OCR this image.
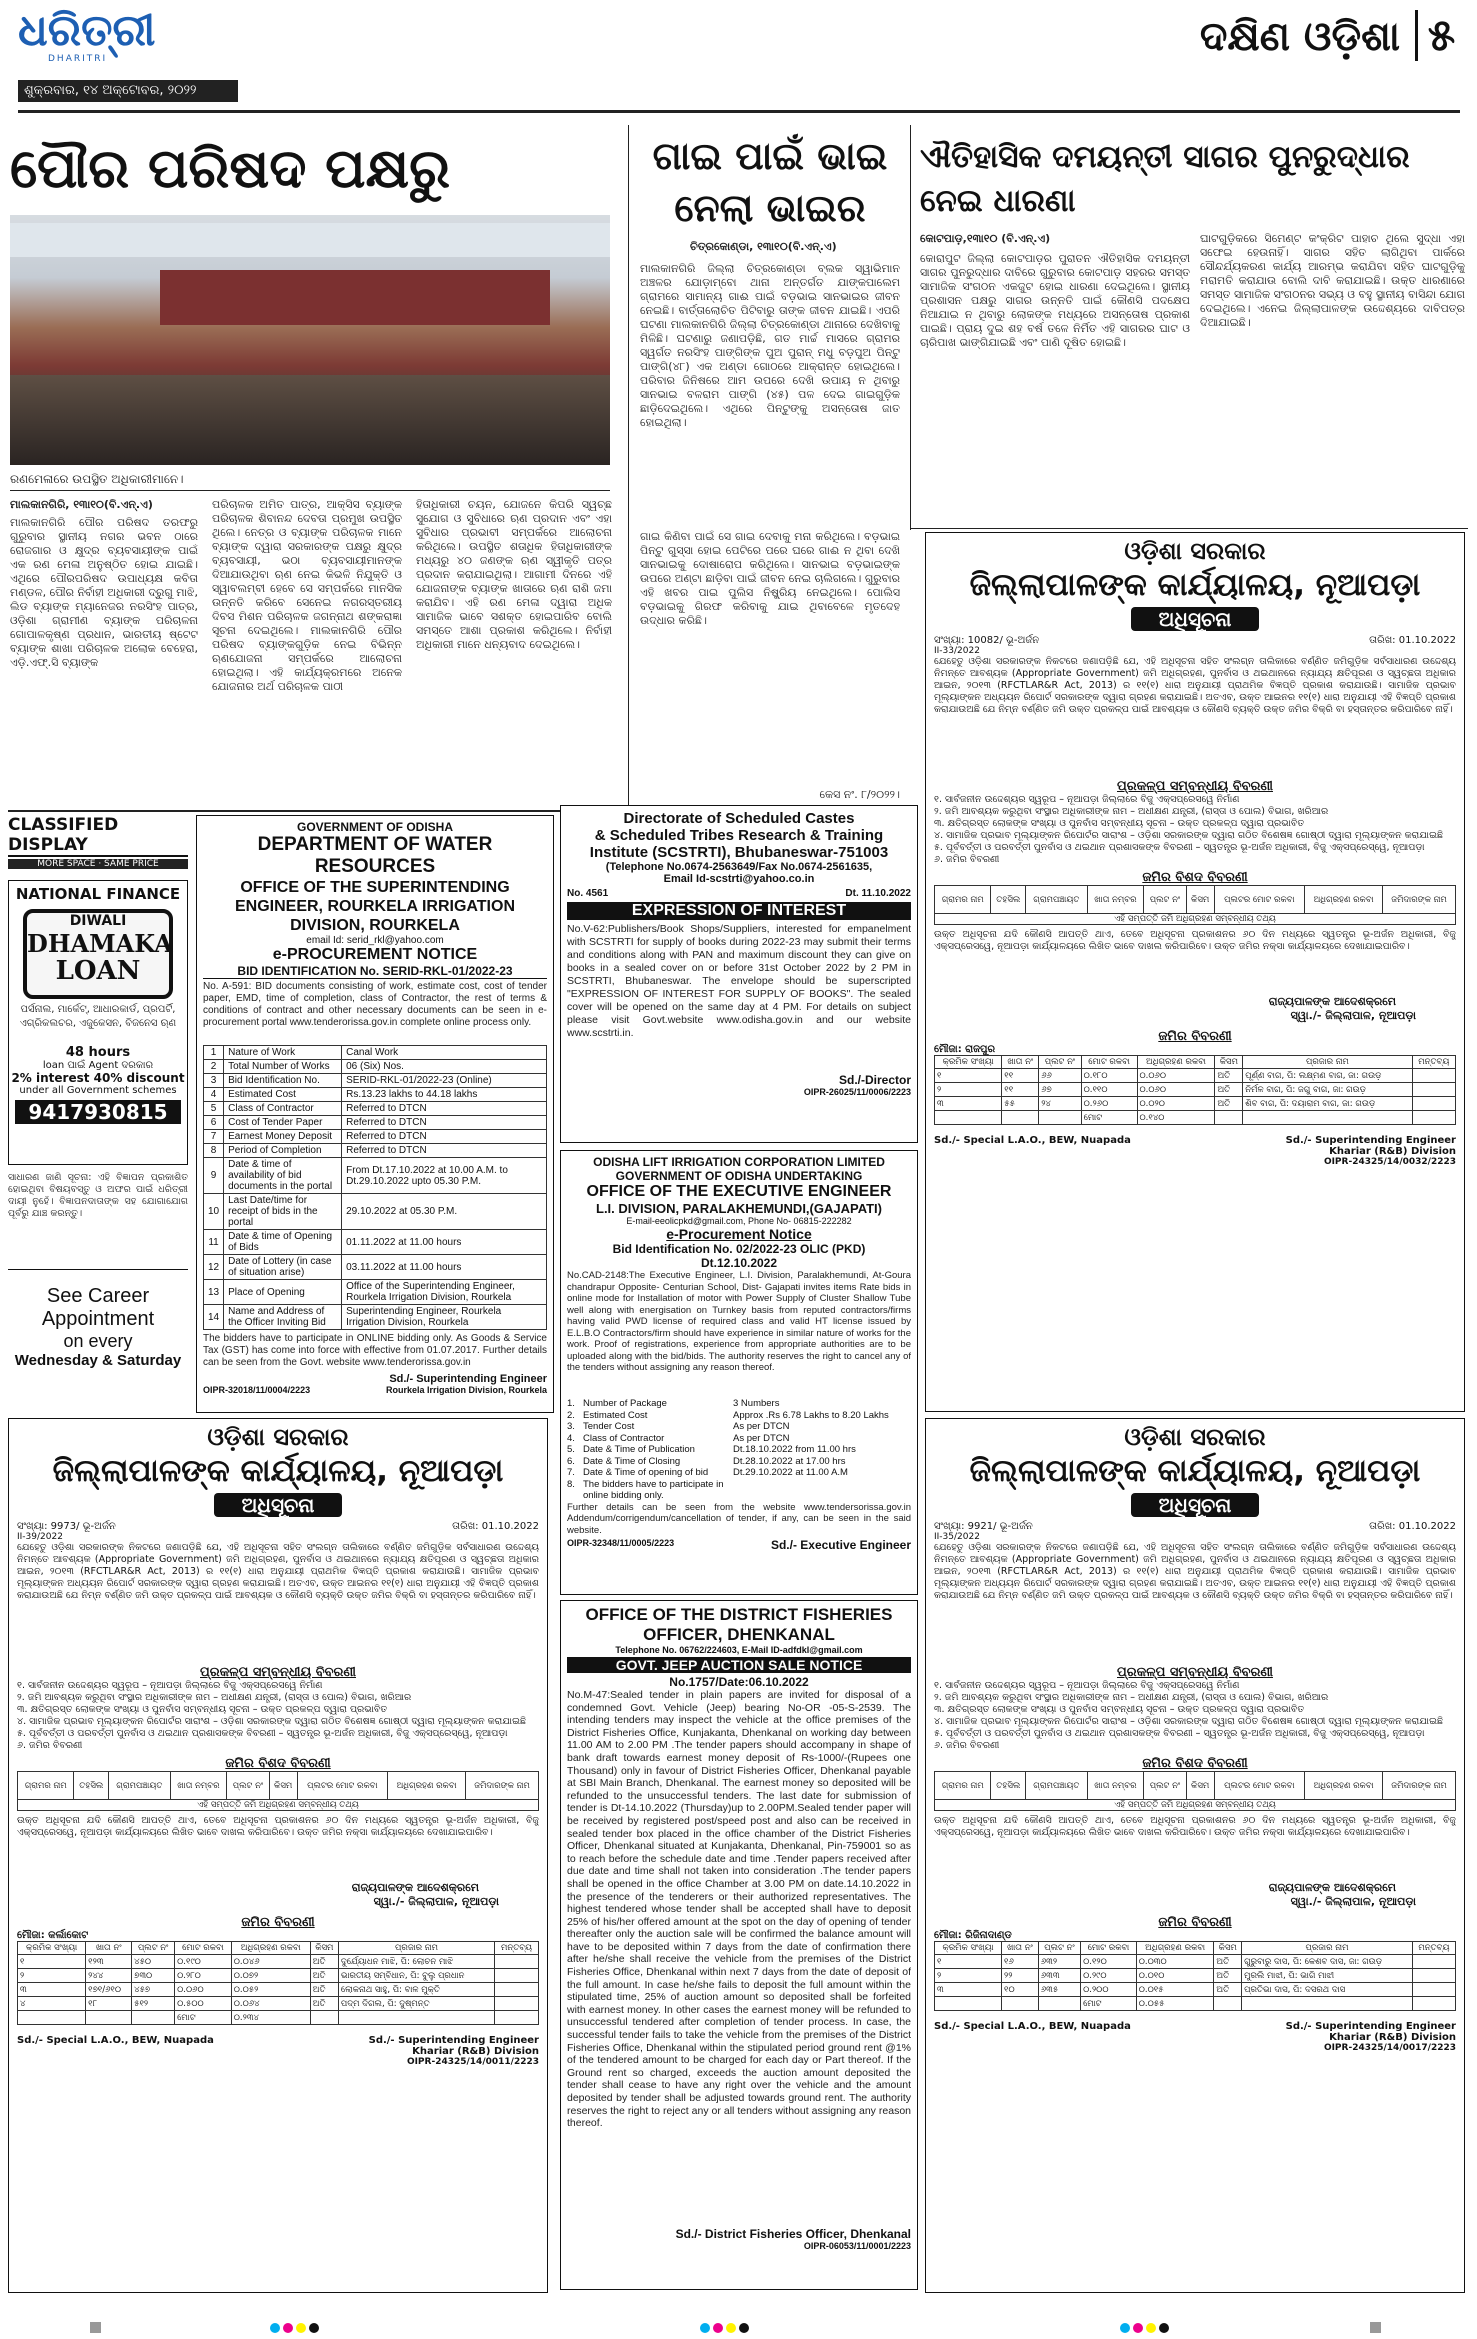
ଧରିତ୍ରୀ
DHARITRI
ଶୁକ୍ରବାର, ୧୪ ଅକ୍ଟୋବର, ୨୦୨୨
ଦକ୍ଷିଣ ଓଡ଼ିଶା ୫
ପୌର ପରିଷଦ ପକ୍ଷରୁ
ରଣମେଳାରେ ଉପସ୍ଥିତ ଅଧିକାରୀମାନେ।
ମାଲକାନଗିରି, ୧୩ା୧୦(ବି.ଏନ୍.ଏ)
ମାଲକାନଗିରି ପୌର ପରିଷଦ ତରଫରୁ ଗୁରୁବାର ସ୍ଥାନୀୟ ନଗର ଭବନ ଠାରେ ରୋଜଗାର ଓ କ୍ଷୁଦ୍ର ବ୍ୟବସାୟୀଙ୍କ ପାଇଁ ଏକ ରଣ ମେଳା ଅନୁଷ୍ଠିତ ହୋଇ ଯାଇଛି। ଏଥିରେ ପୌରପରିଷଦ ଉପାଧ୍ୟକ୍ଷ କବିତା ମଣ୍ଡଳ, ପୌର ନିର୍ବାହୀ ଅଧିକାରୀ ଦ୍ରୁଗୁ ମାଝି, ଲିଡ ବ୍ୟାଙ୍କ ମ୍ୟାନେଜର ନରସିଂହ ପାତ୍ର, ଓଡ଼ିଶା ଗ୍ରାମୀଣ ବ୍ୟାଙ୍କ ପରିଚାଳନା ଗୋପାଳକୃଷ୍ଣ ପ୍ରଧାନ, ଭାରତୀୟ ଷ୍ଟେଟ ବ୍ୟାଙ୍କ ଶାଖା ପରିଚାଳକ ଅଲୋକ ବେହେରା, ଏଡ଼ି.ଏଫ୍.ସି ବ୍ୟାଙ୍କ
ପରିଚାଳକ ଅମିତ ପାତ୍ର, ଆକ୍ସିସ ବ୍ୟାଙ୍କ ପରିଚାଳକ ଶିବାନନ୍ଦ ଦେବତା ପ୍ରମୁଖ ଉପସ୍ଥିତ ଥିଲେ। ନେତ୍ର ଓ ବ୍ୟାଙ୍କ ପରିଚାଳକ ମାନେ ବ୍ୟାଙ୍କ ଦ୍ୱାରା ସରକାରଙ୍କ ପକ୍ଷରୁ କ୍ଷୁଦ୍ର ବ୍ୟବସାୟୀ, ଭଠା ବ୍ୟବସାୟୀମାନଙ୍କ ଦିଆଯାଉଥିବା ଋଣ ନେଇ କିଭଳି ନିଯୁକ୍ତି ଓ ସ୍ୱାବଲମ୍ବୀ ହେବେ ସେ ସମ୍ପର୍କରେ ମାନସିକ ଉନ୍ନତି କରିବେ ସେନେଇ ନଗରସ୍ତରୀୟ ଦିବସ ମିଶନ ପରିଚାଳକ ଜଗନ୍ନାଥ ଶଙ୍କରାଜ୍ଞା ସୂଚନା ଦେଇଥିଲେ। ମାଲକାନଗିରି ପୌର ପରିଷଦ ବ୍ୟାଙ୍କଗୁଡ଼ିକ ନେଇ ବିଭିନ୍ନ ଋଣଯୋଜନା ସମ୍ପର୍କରେ ଆଲୋଚନା ହୋଇଥିଲା। ଏହି କାର୍ଯ୍ୟକ୍ରମରେ ଅନେକ ଯୋଜନାର ଅର୍ଥ ପରିଚାଳକ ପାଠୀ
ହିତାଧିକାରୀ ଚୟନ, ଯୋଜନେ କିପରି ସ୍ୱଚ୍ଛ ସୁଯୋଗ ଓ ସୁବିଧାରେ ଋଣ ପ୍ରଦାନ ଏବଂ ଏହା ସୁବିଧାର ପ୍ରଭାବୀ ସମ୍ପର୍କରେ ଆଲୋଚନା କରିଥିଲେ। ଉପସ୍ଥିତ ଶତାଧିକ ହିତାଧିକାରୀଙ୍କ ମଧ୍ୟରୁ ୪୦ ଜଣଙ୍କ ଋଣ ସ୍ୱୀକୃତି ପତ୍ର ପ୍ରଦାନ କରାଯାଇଥିଲା। ଆଗାମୀ ଦିନରେ ଏହି ଯୋଜନାଙ୍କ ବ୍ୟାଙ୍କ ଖାତାରେ ଋଣ ରାଶି ଜମା କରାଯିବ। ଏହି ରଣ ମେଳା ଦ୍ୱାରା ଅଧିକ ସାମାଜିକ ଭାବେ ସଶକ୍ତ ହୋଇପାରିବ ବୋଲି ସମସ୍ତେ ଆଶା ପ୍ରକାଶ କରିଥିଲେ। ନିର୍ବାହୀ ଅଧିକାରୀ ମାନେ ଧନ୍ୟବାଦ ଦେଇଥିଲେ।
ଗାଇ ପାଇଁ ଭାଇ ନେଲା ଭାଇର
ଚିତ୍ରକୋଣ୍ଡା, ୧୩ା୧୦(ବି.ଏନ୍.ଏ)
ମାଲକାନଗିରି ଜିଲ୍ଲା ଚିତ୍ରକୋଣ୍ଡା ବ୍ଲକ ସ୍ୱାଭିମାନ ଅଞ୍ଚଳର ଯୋଡ଼ାମ୍ବୋ ଥାନା ଅନ୍ତର୍ଗତ ଯାଙ୍କପାଲେମ ଗ୍ରାମରେ ସାମାନ୍ୟ ଗାଈ ପାଇଁ ବଡ଼ଭାଇ ସାନଭାଇର ଜୀବନ ନେଇଛି। ବାର୍ତ୍ତାଲୋଚିତ ପିଟିବାରୁ ତାଙ୍କ ଜୀବନ ଯାଇଛି। ଏପରି ଘଟଣା ମାଲକାନଗିରି ଜିଲ୍ଲା ଚିତ୍ରକୋଣ୍ଡା ଥାନାରେ ଦେଖିବାକୁ ମିଳିଛି। ଘଟଣାରୁ ଜଣାପଡ଼ିଛି, ଗତ ମାର୍ଚ୍ଚ ମାସରେ ଗ୍ରାମର ସ୍ୱର୍ଗତ ନରସିଂହ ପାଙ୍ଗିଙ୍କ ପୁଅ ପୁରାନ୍ ମଧୁ ବଡ଼ପୁଅ ପିନ୍ଟୁ ପାଙ୍ଗି(୪୮) ଏକ ଅଣ୍ଡା ଗୋଠରେ ଆକ୍ରାନ୍ତ ହୋଇଥିଲେ। ପରିବାର ଜିନିଷରେ ଆମ ଉପରେ ଦେଖି ଉପାୟ ନ ଥିବାରୁ ସାନଭାଇ ବଳରାମ ପାଙ୍ଗି (୪୫) ପଳ ଦେଇ ଗାଇଗୁଡ଼ିକ ଛାଡ଼ିଦେଇଥିଲେ। ଏଥିରେ ପିନ୍ଟୁଙ୍କୁ ଅସନ୍ତୋଷ ଜାତ ହୋଇଥିଲା।
ଗାଇ କିଣିବା ପାଇଁ ସେ ଗାଇ ଦେବାକୁ ମନା କରିଥିଲେ। ବଡ଼ଭାଇ ପିନ୍ଟୁ ଗୁସ୍ସା ହୋଇ ପେଟିରେ ପରେ ଘରେ ଗାଈ ନ ଥିବା ଦେଖି ସାନଭାଇକୁ ଦୋଷାରୋପ କରିଥିଲେ। ସାନଭାଇ ବଡ଼ଭାଇଙ୍କ ଉପରେ ଅଣ୍ଟା ଛାଡ଼ିବା ପାଇଁ ଜୀବନ ନେଇ ଚାଲିଗଲେ। ଗୁରୁବାର ଏହି ଖବର ପାଇ ପୁଲିସ ନିଷ୍କ୍ରିୟ ନେଇଥିଲେ। ପୋଲିସ ବଡ଼ଭାଇକୁ ଗିରଫ କରିବାକୁ ଯାଇ ଥିବାବେଳେ ମୃତଦେହ ଉଦ୍ଧାର କରିଛି।
କେସ ନଂ. ୮/୨୦୨୨।
ଐତିହାସିକ ଦମୟନ୍ତୀ ସାଗର ପୁନରୁଦ୍ଧାର ନେଇ ଧାରଣା
କୋଟପାଡ଼,୧୩ା୧୦ (ବି.ଏନ୍.ଏ)
କୋରାପୁଟ ଜିଲ୍ଲା କୋଟପାଡ଼ର ପୁରାତନ ଐତିହାସିକ ଦମୟନ୍ତୀ ସାଗର ପୁନରୁଦ୍ଧାର ଦାବିରେ ଗୁରୁବାର କୋଟପାଡ଼ ସହରର ସମସ୍ତ ସାମାଜିକ ସଂଗଠନ ଏକଜୁଟ ହୋଇ ଧାରଣା ଦେଇଥିଲେ। ସ୍ଥାନୀୟ ପ୍ରଶାସନ ପକ୍ଷରୁ ସାଗର ଉନ୍ନତି ପାଇଁ କୌଣସି ପଦକ୍ଷେପ ନିଆଯାଇ ନ ଥିବାରୁ ଲୋକଙ୍କ ମଧ୍ୟରେ ଅସନ୍ତୋଷ ପ୍ରକାଶ ପାଇଛି। ପ୍ରାୟ ଦୁଇ ଶହ ବର୍ଷ ତଳେ ନିର୍ମିତ ଏହି ସାଗରର ଘାଟ ଓ ଚାରିପାଖ ଭାଙ୍ଗିଯାଇଛି ଏବଂ ପାଣି ଦୂଷିତ ହୋଇଛି।
ଘାଟଗୁଡ଼ିକରେ ସିମେଣ୍ଟ କଂକ୍ରିଟ ପାହାଚ ଥିଲେ ସୁଦ୍ଧା ଏହା ସଫେଇ ହେଉନାହିଁ। ସାଗର ସହିତ ଲାଗିଥିବା ପାର୍କରେ ସୌନ୍ଦର୍ଯ୍ୟକରଣ କାର୍ଯ୍ୟ ଆରମ୍ଭ କରାଯିବା ସହିତ ଘାଟଗୁଡ଼ିକୁ ମରାମତି କରାଯାଉ ବୋଲି ଦାବି କରାଯାଇଛି। ଉକ୍ତ ଧାରଣାରେ ସମସ୍ତ ସାମାଜିକ ସଂଗଠନର ସଭ୍ୟ ଓ ବହୁ ସ୍ଥାନୀୟ ବାସିନ୍ଦା ଯୋଗ ଦେଇଥିଲେ। ଏନେଇ ଜିଲ୍ଲାପାଳଙ୍କ ଉଦ୍ଦେଶ୍ୟରେ ଦାବିପତ୍ର ଦିଆଯାଇଛି।
ଓଡ଼ିଶା ସରକାର
ଜିଲ୍ଲାପାଳଙ୍କ କାର୍ଯ୍ୟାଳୟ, ନୂଆପଡ଼ା
ଅଧିସୂଚନା
ସଂଖ୍ୟା: 10082/ ଭୂ-ଅର୍ଜନ	ତାରିଖ: 01.10.2022
II-33/2022
ଯେହେତୁ ଓଡ଼ିଶା ସରକାରଙ୍କ ନିକଟରେ ଜଣାପଡ଼ିଛି ଯେ, ଏହି ଅଧିସୂଚନା ସହିତ ସଂଲଗ୍ନ ତାଲିକାରେ ବର୍ଣ୍ଣିତ ଜମିଗୁଡ଼ିକ ସର୍ବସାଧାରଣ ଉଦ୍ଦେଶ୍ୟ ନିମନ୍ତେ ଆବଶ୍ୟକ (Appropriate Government) ଜମି ଅଧିଗ୍ରହଣ, ପୁନର୍ବାସ ଓ ଥଇଥାନରେ ନ୍ୟାଯ୍ୟ କ୍ଷତିପୂରଣ ଓ ସ୍ୱଚ୍ଛତା ଅଧିକାର ଆଇନ, ୨୦୧୩ (RFCTLAR&R Act, 2013) ର ୧୧(୧) ଧାରା ଅନୁଯାୟୀ ପ୍ରାଥମିକ ବିଜ୍ଞପ୍ତି ପ୍ରକାଶ କରାଯାଉଛି। ସାମାଜିକ ପ୍ରଭାବ ମୂଲ୍ୟାଙ୍କନ ଅଧ୍ୟୟନ ରିପୋର୍ଟ ସରକାରଙ୍କ ଦ୍ୱାରା ଗ୍ରହଣ କରାଯାଇଛି। ଅତଏବ, ଉକ୍ତ ଆଇନର ୧୧(୧) ଧାରା ଅନୁଯାୟୀ ଏହି ବିଜ୍ଞପ୍ତି ପ୍ରକାଶ କରାଯାଉଅଛି ଯେ ନିମ୍ନ ବର୍ଣ୍ଣିତ ଜମି ଉକ୍ତ ପ୍ରକଳ୍ପ ପାଇଁ ଆବଶ୍ୟକ ଓ କୌଣସି ବ୍ୟକ୍ତି ଉକ୍ତ ଜମିର ବିକ୍ରି ବା ହସ୍ତାନ୍ତର କରିପାରିବେ ନାହିଁ।
ପ୍ରକଳ୍ପ ସମ୍ବନ୍ଧୀୟ ବିବରଣୀ
୧. ସାର୍ବଜନୀନ ଉଦ୍ଦେଶ୍ୟର ସ୍ୱରୂପ – ନୂଆପଡ଼ା ଜିଲ୍ଲାରେ ବିଜୁ ଏକ୍ସପ୍ରେସୱେ ନିର୍ମାଣ
୨. ଜମି ଆବଶ୍ୟକ କରୁଥିବା ସଂସ୍ଥାର ଅଧିକାରୀଙ୍କ ନାମ – ଅଧୀକ୍ଷଣ ଯନ୍ତ୍ରୀ, (ରାସ୍ତା ଓ ପୋଲ) ବିଭାଗ, ଖରିଆର
୩. କ୍ଷତିଗ୍ରସ୍ତ ଲୋକଙ୍କ ସଂଖ୍ୟା ଓ ପୁନର୍ବାସ ସମ୍ବନ୍ଧୀୟ ସୂଚନା – ଉକ୍ତ ପ୍ରକଳ୍ପ ଦ୍ୱାରା ପ୍ରଭାବିତ
୪. ସାମାଜିକ ପ୍ରଭାବ ମୂଲ୍ୟାଙ୍କନ ରିପୋର୍ଟର ସାରାଂଶ – ଓଡ଼ିଶା ସରକାରଙ୍କ ଦ୍ୱାରା ଗଠିତ ବିଶେଷଜ୍ଞ ଗୋଷ୍ଠୀ ଦ୍ୱାରା ମୂଲ୍ୟାଙ୍କନ କରାଯାଇଛି
୫. ପୂର୍ବବର୍ତ୍ତୀ ଓ ପରବର୍ତ୍ତୀ ପୁନର୍ବାସ ଓ ଥଇଥାନ ପ୍ରଶାସକଙ୍କ ବିବରଣୀ – ସ୍ୱତନ୍ତ୍ର ଭୂ-ଅର୍ଜନ ଅଧିକାରୀ, ବିଜୁ ଏକ୍ସପ୍ରେସ୍ୱେ, ନୂଆପଡ଼ା
୬. ଜମିର ବିବରଣୀ
ଜମିର ବିଶଦ ବିବରଣୀ
ଗ୍ରାମର ନାମ	ତହସିଲ	ଗ୍ରାମପଞ୍ଚାୟତ	ଖାତା ନମ୍ବର	ପ୍ଲଟ ନଂ	କିସମ	ପ୍ଲଟର ମୋଟ ରକବା	ଅଧିଗ୍ରହଣ ରକବା	ଜମିଦାରଙ୍କ ନାମ
ଏହି ସମ୍ପତ୍ତି ଜମି ଅଧିଗ୍ରହଣ ସମ୍ବନ୍ଧୀୟ ତଥ୍ୟ
ଉକ୍ତ ଅଧିସୂଚନା ଯଦି କୌଣସି ଆପତ୍ତି ଥାଏ, ତେବେ ଅଧିସୂଚନା ପ୍ରକାଶନର ୬୦ ଦିନ ମଧ୍ୟରେ ସ୍ୱତନ୍ତ୍ର ଭୂ-ଅର୍ଜନ ଅଧିକାରୀ, ବିଜୁ ଏକ୍ସପ୍ରେସୱେ, ନୂଆପଡ଼ା କାର୍ଯ୍ୟାଳୟରେ ଲିଖିତ ଭାବେ ଦାଖଲ କରିପାରିବେ। ଉକ୍ତ ଜମିର ନକ୍ସା କାର୍ଯ୍ୟାଳୟରେ ଦେଖାଯାଇପାରିବ।
ରାଜ୍ୟପାଳଙ୍କ ଆଦେଶକ୍ରମେ
ସ୍ୱା./- ଜିଲ୍ଲାପାଳ, ନୂଆପଡ଼ା
ଜମିର ବିବରଣୀ
ମୌଜା: ରାଜପୁର
କ୍ରମିକ ସଂଖ୍ୟା	ଖାତା ନଂ	ପ୍ଲଟ ନଂ	ମୋଟ ରକବା	ଅଧିଗ୍ରହଣ ରକବା	କିସମ	ପ୍ରଜାର ନାମ	ମନ୍ତବ୍ୟ
୧	୧୧	୬୬	୦.୧୮୦	୦.୦୬୦	ଅତି	ପୂର୍ଣ୍ଣ ବାଗ, ପି: ଲକ୍ଷ୍ମଣ ବାଗ, ଜା: ଗଉଡ଼	
୨	୧୧	୬୭	୦.୧୧୦	୦.୦୬୦	ଅତି	ନିର୍ମଳ ବାଗ, ପି: ଜଗୁ ବାଗ, ଜା: ଗଉଡ଼	
୩	୫୫	୨୪	୦.୨୬୦	୦.୦୨୦	ଅତି	ଶିବ ବାଗ, ପି: ଦୟାରାମ ବାଗ, ଜା: ଗଉଡ଼	
			ମୋଟ	୦.୧୪୦			
Sd./- Special L.A.O., BEW, Nuapada	Sd./- Superintending Engineer
Khariar (R&B) Division
OIPR-24325/14/0032/2223
ଓଡ଼ିଶା ସରକାର
ଜିଲ୍ଲାପାଳଙ୍କ କାର୍ଯ୍ୟାଳୟ, ନୂଆପଡ଼ା
ଅଧିସୂଚନା
ସଂଖ୍ୟା: 9973/ ଭୂ-ଅର୍ଜନ	ତାରିଖ: 01.10.2022
II-39/2022
ଯେହେତୁ ଓଡ଼ିଶା ସରକାରଙ୍କ ନିକଟରେ ଜଣାପଡ଼ିଛି ଯେ, ଏହି ଅଧିସୂଚନା ସହିତ ସଂଲଗ୍ନ ତାଲିକାରେ ବର୍ଣ୍ଣିତ ଜମିଗୁଡ଼ିକ ସର୍ବସାଧାରଣ ଉଦ୍ଦେଶ୍ୟ ନିମନ୍ତେ ଆବଶ୍ୟକ (Appropriate Government) ଜମି ଅଧିଗ୍ରହଣ, ପୁନର୍ବାସ ଓ ଥଇଥାନରେ ନ୍ୟାଯ୍ୟ କ୍ଷତିପୂରଣ ଓ ସ୍ୱଚ୍ଛତା ଅଧିକାର ଆଇନ, ୨୦୧୩ (RFCTLAR&R Act, 2013) ର ୧୧(୧) ଧାରା ଅନୁଯାୟୀ ପ୍ରାଥମିକ ବିଜ୍ଞପ୍ତି ପ୍ରକାଶ କରାଯାଉଛି। ସାମାଜିକ ପ୍ରଭାବ ମୂଲ୍ୟାଙ୍କନ ଅଧ୍ୟୟନ ରିପୋର୍ଟ ସରକାରଙ୍କ ଦ୍ୱାରା ଗ୍ରହଣ କରାଯାଇଛି। ଅତଏବ, ଉକ୍ତ ଆଇନର ୧୧(୧) ଧାରା ଅନୁଯାୟୀ ଏହି ବିଜ୍ଞପ୍ତି ପ୍ରକାଶ କରାଯାଉଅଛି ଯେ ନିମ୍ନ ବର୍ଣ୍ଣିତ ଜମି ଉକ୍ତ ପ୍ରକଳ୍ପ ପାଇଁ ଆବଶ୍ୟକ ଓ କୌଣସି ବ୍ୟକ୍ତି ଉକ୍ତ ଜମିର ବିକ୍ରି ବା ହସ୍ତାନ୍ତର କରିପାରିବେ ନାହିଁ।
ପ୍ରକଳ୍ପ ସମ୍ବନ୍ଧୀୟ ବିବରଣୀ
୧. ସାର୍ବଜନୀନ ଉଦ୍ଦେଶ୍ୟର ସ୍ୱରୂପ – ନୂଆପଡ଼ା ଜିଲ୍ଲାରେ ବିଜୁ ଏକ୍ସପ୍ରେସୱେ ନିର୍ମାଣ
୨. ଜମି ଆବଶ୍ୟକ କରୁଥିବା ସଂସ୍ଥାର ଅଧିକାରୀଙ୍କ ନାମ – ଅଧୀକ୍ଷଣ ଯନ୍ତ୍ରୀ, (ରାସ୍ତା ଓ ପୋଲ) ବିଭାଗ, ଖରିଆର
୩. କ୍ଷତିଗ୍ରସ୍ତ ଲୋକଙ୍କ ସଂଖ୍ୟା ଓ ପୁନର୍ବାସ ସମ୍ବନ୍ଧୀୟ ସୂଚନା – ଉକ୍ତ ପ୍ରକଳ୍ପ ଦ୍ୱାରା ପ୍ରଭାବିତ
୪. ସାମାଜିକ ପ୍ରଭାବ ମୂଲ୍ୟାଙ୍କନ ରିପୋର୍ଟର ସାରାଂଶ – ଓଡ଼ିଶା ସରକାରଙ୍କ ଦ୍ୱାରା ଗଠିତ ବିଶେଷଜ୍ଞ ଗୋଷ୍ଠୀ ଦ୍ୱାରା ମୂଲ୍ୟାଙ୍କନ କରାଯାଇଛି
୫. ପୂର୍ବବର୍ତ୍ତୀ ଓ ପରବର୍ତ୍ତୀ ପୁନର୍ବାସ ଓ ଥଇଥାନ ପ୍ରଶାସକଙ୍କ ବିବରଣୀ – ସ୍ୱତନ୍ତ୍ର ଭୂ-ଅର୍ଜନ ଅଧିକାରୀ, ବିଜୁ ଏକ୍ସପ୍ରେସ୍ୱେ, ନୂଆପଡ଼ା
୬. ଜମିର ବିବରଣୀ
ଜମିର ବିଶଦ ବିବରଣୀ
ଗ୍ରାମର ନାମ	ତହସିଲ	ଗ୍ରାମପଞ୍ଚାୟତ	ଖାତା ନମ୍ବର	ପ୍ଲଟ ନଂ	କିସମ	ପ୍ଲଟର ମୋଟ ରକବା	ଅଧିଗ୍ରହଣ ରକବା	ଜମିଦାରଙ୍କ ନାମ
ଏହି ସମ୍ପତ୍ତି ଜମି ଅଧିଗ୍ରହଣ ସମ୍ବନ୍ଧୀୟ ତଥ୍ୟ
ଉକ୍ତ ଅଧିସୂଚନା ଯଦି କୌଣସି ଆପତ୍ତି ଥାଏ, ତେବେ ଅଧିସୂଚନା ପ୍ରକାଶନର ୬୦ ଦିନ ମଧ୍ୟରେ ସ୍ୱତନ୍ତ୍ର ଭୂ-ଅର୍ଜନ ଅଧିକାରୀ, ବିଜୁ ଏକ୍ସପ୍ରେସୱେ, ନୂଆପଡ଼ା କାର୍ଯ୍ୟାଳୟରେ ଲିଖିତ ଭାବେ ଦାଖଲ କରିପାରିବେ। ଉକ୍ତ ଜମିର ନକ୍ସା କାର୍ଯ୍ୟାଳୟରେ ଦେଖାଯାଇପାରିବ।
ରାଜ୍ୟପାଳଙ୍କ ଆଦେଶକ୍ରମେ
ସ୍ୱା./- ଜିଲ୍ଲାପାଳ, ନୂଆପଡ଼ା
ଜମିର ବିବରଣୀ
ମୌଜା: କର୍ଲାକୋଟ
କ୍ରମିକ ସଂଖ୍ୟା	ଖାତା ନଂ	ପ୍ଲଟ ନଂ	ମୋଟ ରକବା	ଅଧିଗ୍ରହଣ ରକବା	କିସମ	ପ୍ରଜାର ନାମ	ମନ୍ତବ୍ୟ
୧	୧୨୩	୪୫୦	୦.୧୯୦	୦.୦୪୬	ଅତି	ଦୁର୍ଯ୍ୟୋଧନ ମାଝି, ପି: ଲୋଚନ ମାଝି	
୨	୨୪୪	୭୩୦	୦.୨୮୦	୦.୦୭୨	ଅତି	ଭାରତୀୟ ସମ୍ବିଧାନ, ପି: ବୁଲୁ ପ୍ରଧାନ	
୩	୧୭୧/୬୧୦	୪୫୭	୦.୦୬୦	୦.୦୫୨	ଅତି	ଲୋକନାଥ ସାହୁ, ପି: ବାଳ ମୁକ୍ତି	
୪	୧୮	୫୧୨	୦.୫୦୦	୦.୦୬୪	ଅତି	ପଦ୍ମ ଦିଗଲ, ପି: ଦୁଷ୍ମନ୍ତ	
			ମୋଟ	୦.୨୩୪			
Sd./- Special L.A.O., BEW, Nuapada	Sd./- Superintending Engineer
Khariar (R&B) Division
OIPR-24325/14/0011/2223
ଓଡ଼ିଶା ସରକାର
ଜିଲ୍ଲାପାଳଙ୍କ କାର୍ଯ୍ୟାଳୟ, ନୂଆପଡ଼ା
ଅଧିସୂଚନା
ସଂଖ୍ୟା: 9921/ ଭୂ-ଅର୍ଜନ	ତାରିଖ: 01.10.2022
II-35/2022
ଯେହେତୁ ଓଡ଼ିଶା ସରକାରଙ୍କ ନିକଟରେ ଜଣାପଡ଼ିଛି ଯେ, ଏହି ଅଧିସୂଚନା ସହିତ ସଂଲଗ୍ନ ତାଲିକାରେ ବର୍ଣ୍ଣିତ ଜମିଗୁଡ଼ିକ ସର୍ବସାଧାରଣ ଉଦ୍ଦେଶ୍ୟ ନିମନ୍ତେ ଆବଶ୍ୟକ (Appropriate Government) ଜମି ଅଧିଗ୍ରହଣ, ପୁନର୍ବାସ ଓ ଥଇଥାନରେ ନ୍ୟାଯ୍ୟ କ୍ଷତିପୂରଣ ଓ ସ୍ୱଚ୍ଛତା ଅଧିକାର ଆଇନ, ୨୦୧୩ (RFCTLAR&R Act, 2013) ର ୧୧(୧) ଧାରା ଅନୁଯାୟୀ ପ୍ରାଥମିକ ବିଜ୍ଞପ୍ତି ପ୍ରକାଶ କରାଯାଉଛି। ସାମାଜିକ ପ୍ରଭାବ ମୂଲ୍ୟାଙ୍କନ ଅଧ୍ୟୟନ ରିପୋର୍ଟ ସରକାରଙ୍କ ଦ୍ୱାରା ଗ୍ରହଣ କରାଯାଇଛି। ଅତଏବ, ଉକ୍ତ ଆଇନର ୧୧(୧) ଧାରା ଅନୁଯାୟୀ ଏହି ବିଜ୍ଞପ୍ତି ପ୍ରକାଶ କରାଯାଉଅଛି ଯେ ନିମ୍ନ ବର୍ଣ୍ଣିତ ଜମି ଉକ୍ତ ପ୍ରକଳ୍ପ ପାଇଁ ଆବଶ୍ୟକ ଓ କୌଣସି ବ୍ୟକ୍ତି ଉକ୍ତ ଜମିର ବିକ୍ରି ବା ହସ୍ତାନ୍ତର କରିପାରିବେ ନାହିଁ।
ପ୍ରକଳ୍ପ ସମ୍ବନ୍ଧୀୟ ବିବରଣୀ
୧. ସାର୍ବଜନୀନ ଉଦ୍ଦେଶ୍ୟର ସ୍ୱରୂପ – ନୂଆପଡ଼ା ଜିଲ୍ଲାରେ ବିଜୁ ଏକ୍ସପ୍ରେସୱେ ନିର୍ମାଣ
୨. ଜମି ଆବଶ୍ୟକ କରୁଥିବା ସଂସ୍ଥାର ଅଧିକାରୀଙ୍କ ନାମ – ଅଧୀକ୍ଷଣ ଯନ୍ତ୍ରୀ, (ରାସ୍ତା ଓ ପୋଲ) ବିଭାଗ, ଖରିଆର
୩. କ୍ଷତିଗ୍ରସ୍ତ ଲୋକଙ୍କ ସଂଖ୍ୟା ଓ ପୁନର୍ବାସ ସମ୍ବନ୍ଧୀୟ ସୂଚନା – ଉକ୍ତ ପ୍ରକଳ୍ପ ଦ୍ୱାରା ପ୍ରଭାବିତ
୪. ସାମାଜିକ ପ୍ରଭାବ ମୂଲ୍ୟାଙ୍କନ ରିପୋର୍ଟର ସାରାଂଶ – ଓଡ଼ିଶା ସରକାରଙ୍କ ଦ୍ୱାରା ଗଠିତ ବିଶେଷଜ୍ଞ ଗୋଷ୍ଠୀ ଦ୍ୱାରା ମୂଲ୍ୟାଙ୍କନ କରାଯାଇଛି
୫. ପୂର୍ବବର୍ତ୍ତୀ ଓ ପରବର୍ତ୍ତୀ ପୁନର୍ବାସ ଓ ଥଇଥାନ ପ୍ରଶାସକଙ୍କ ବିବରଣୀ – ସ୍ୱତନ୍ତ୍ର ଭୂ-ଅର୍ଜନ ଅଧିକାରୀ, ବିଜୁ ଏକ୍ସପ୍ରେସ୍ୱେ, ନୂଆପଡ଼ା
୬. ଜମିର ବିବରଣୀ
ଜମିର ବିଶଦ ବିବରଣୀ
ଗ୍ରାମର ନାମ	ତହସିଲ	ଗ୍ରାମପଞ୍ଚାୟତ	ଖାତା ନମ୍ବର	ପ୍ଲଟ ନଂ	କିସମ	ପ୍ଲଟର ମୋଟ ରକବା	ଅଧିଗ୍ରହଣ ରକବା	ଜମିଦାରଙ୍କ ନାମ
ଏହି ସମ୍ପତ୍ତି ଜମି ଅଧିଗ୍ରହଣ ସମ୍ବନ୍ଧୀୟ ତଥ୍ୟ
ଉକ୍ତ ଅଧିସୂଚନା ଯଦି କୌଣସି ଆପତ୍ତି ଥାଏ, ତେବେ ଅଧିସୂଚନା ପ୍ରକାଶନର ୬୦ ଦିନ ମଧ୍ୟରେ ସ୍ୱତନ୍ତ୍ର ଭୂ-ଅର୍ଜନ ଅଧିକାରୀ, ବିଜୁ ଏକ୍ସପ୍ରେସୱେ, ନୂଆପଡ଼ା କାର୍ଯ୍ୟାଳୟରେ ଲିଖିତ ଭାବେ ଦାଖଲ କରିପାରିବେ। ଉକ୍ତ ଜମିର ନକ୍ସା କାର୍ଯ୍ୟାଳୟରେ ଦେଖାଯାଇପାରିବ।
ରାଜ୍ୟପାଳଙ୍କ ଆଦେଶକ୍ରମେ
ସ୍ୱା./- ଜିଲ୍ଲାପାଳ, ନୂଆପଡ଼ା
ଜମିର ବିବରଣୀ
ମୌଜା: ରିଜିନାଦାଣ୍ଡ
କ୍ରମିକ ସଂଖ୍ୟା	ଖାତା ନଂ	ପ୍ଲଟ ନଂ	ମୋଟ ରକବା	ଅଧିଗ୍ରହଣ ରକବା	କିସମ	ପ୍ରଜାର ନାମ	ମନ୍ତବ୍ୟ
୧	୧୬	୬୩୨	୦.୧୨୦	୦.୦୩୦	ଅତି	ଗୁରୁବାରୁ ଦାସ, ପି: କେଶବ ଦାସ, ଜା: ଗଉଡ଼	
୨	୨୨	୬୩୩	୦.୨୯୦	୦.୦୧୦	ଅତି	ମୁରଲି ମାଝୀ, ପି: ଭାଗି ମାଝୀ	
୩	୧୦	୬୩୫	୦.୨୦୦	୦.୦୧୫	ଅତି	ପ୍ରତିଭା ଦାସ, ପି: ଦସରଥ ଦାସ	
			ମୋଟ	୦.୦୫୫			
Sd./- Special L.A.O., BEW, Nuapada	Sd./- Superintending Engineer
Khariar (R&B) Division
OIPR-24325/14/0017/2223
CLASSIFIED DISPLAY
MORE SPACE · SAME PRICE
NATIONAL FINANCE
DIWALI
DHAMAKA
LOAN
ପର୍ସନାଲ, ମାର୍କେଟ୍, ଆଧାରକାର୍ଡ, ପ୍ରପର୍ଟି, ଏଗ୍ରିକଲଚର, ଏଜୁକେସନ, ବିଜନେସ ଋଣ
48 hours
loan ପାଇଁ Agent ଦରକାର
2% interest 40% discount
under all Government schemes
9417930815
ସାଧାରଣ ଜାଣି ସୂଚନା: ଏହି ବିଜ୍ଞାପନ ପ୍ରକାଶିତ ହୋଇଥିବା ବିଷୟବସ୍ତୁ ଓ ଅଫର ପାଇଁ ଧରିତ୍ରୀ ଦାୟୀ ନୁହେଁ। ବିଜ୍ଞାପନଦାତାଙ୍କ ସହ ଯୋଗାଯୋଗ ପୂର୍ବରୁ ଯାଞ୍ଚ କରନ୍ତୁ।
See Career
Appointment
on every
Wednesday & Saturday
GOVERNMENT OF ODISHA
DEPARTMENT OF WATER RESOURCES
OFFICE OF THE SUPERINTENDING ENGINEER, ROURKELA IRRIGATION DIVISION, ROURKELA
email Id: serid_rkl@yahoo.com
e-PROCUREMENT NOTICE
BID IDENTIFICATION No. SERID-RKL-01/2022-23
No. A-591: BID documents consisting of work, estimate cost, cost of tender paper, EMD, time of completion, class of Contractor, the rest of terms & conditions of contract and other necessary documents can be seen in e-procurement portal www.tenderorissa.gov.in complete online process only.
1	Nature of Work	Canal Work
2	Total Number of Works	06 (Six) Nos.
3	Bid Identification No.	SERID-RKL-01/2022-23 (Online)
4	Estimated Cost	Rs.13.23 lakhs to 44.18 lakhs
5	Class of Contractor	Referred to DTCN
6	Cost of Tender Paper	Referred to DTCN
7	Earnest Money Deposit	Referred to DTCN
8	Period of Completion	Referred to DTCN
9	Date & time of availability of bid documents in the portal	From Dt.17.10.2022 at 10.00 A.M. to Dt.29.10.2022 upto 05.30 P.M.
10	Last Date/time for receipt of bids in the portal	29.10.2022 at 05.30 P.M.
11	Date & time of Opening of Bids	01.11.2022 at 11.00 hours
12	Date of Lottery (in case of situation arise)	03.11.2022 at 11.00 hours
13	Place of Opening	Office of the Superintending Engineer, Rourkela Irrigation Division, Rourkela
14	Name and Address of the Officer Inviting Bid	Superintending Engineer, Rourkela Irrigation Division, Rourkela
The bidders have to participate in ONLINE bidding only. As Goods & Service Tax (GST) has come into force with effective from 01.07.2017. Further details can be seen from the Govt. website www.tenderorissa.gov.in
Sd./- Superintending Engineer
OIPR-32018/11/0004/2223	Rourkela Irrigation Division, Rourkela
Directorate of Scheduled Castes
& Scheduled Tribes Research & Training
Institute (SCSTRTI), Bhubaneswar-751003
(Telephone No.0674-2563649/Fax No.0674-2561635,
Email Id-scstrti@yahoo.co.in
No. 4561	Dt. 11.10.2022
EXPRESSION OF INTEREST
No.V-62:Publishers/Book Shops/Suppliers, interested for empanelment with SCSTRTI for supply of books during 2022-23 may submit their terms and conditions along with PAN and maximum discount they can give on books in a sealed cover on or before 31st October 2022 by 2 PM in SCSTRTI, Bhubaneswar. The envelope should be superscripted "EXPRESSION OF INTEREST FOR SUPPLY OF BOOKS". The sealed cover will be opened on the same day at 4 PM. For details on subject please visit Govt.website www.odisha.gov.in and our website www.scstrti.in.
Sd./-Director
OIPR-26025/11/0006/2223
ODISHA LIFT IRRIGATION CORPORATION LIMITED
GOVERNMENT OF ODISHA UNDERTAKING
OFFICE OF THE EXECUTIVE ENGINEER
L.I. DIVISION, PARALAKHEMUNDI,(GAJAPATI)
E-mail-eeolicpkd@gmail.com, Phone No- 06815-222282
e-Procurement Notice
Bid Identification No. 02/2022-23 OLIC (PKD)
Dt.12.10.2022
No.CAD-2148:The Executive Engineer, L.I. Division, Paralakhemundi, At-Goura chandrapur Opposite- Centurian School, Dist- Gajapati invites items Rate bids in online mode for Installation of motor with Power Supply of Cluster Shallow Tube well along with energisation on Turnkey basis from reputed contractors/firms having valid PWD license of required class and valid HT license issued by E.L.B.O Contractors/firm should have experience in similar nature of works for the work. Proof of registrations, experience from appropriate authorities are to be uploaded along with the bid/bids. The authority reserves the right to cancel any of the tenders without assigning any reason thereof.
1. Number of Package	3 Numbers
2. Estimated Cost	Approx .Rs 6.78 Lakhs to 8.20 Lakhs
3. Tender Cost	As per DTCN
4. Class of Contractor	As per DTCN
5. Date & Time of Publication	Dt.18.10.2022 from 11.00 hrs
6. Date & Time of Closing	Dt.28.10.2022 at 17.00 hrs
7. Date & Time of opening of bid	Dt.29.10.2022 at 11.00 A.M
8. The bidders have to participate in online bidding only.
Further details can be seen from the website www.tendersorissa.gov.in Addendum/corrigendum/cancellation of tender, if any, can be seen in the said website.
OIPR-32348/11/0005/2223	Sd./- Executive Engineer
OFFICE OF THE DISTRICT FISHERIES
OFFICER, DHENKANAL
Telephone No. 06762/224603, E-Mail ID-adfdkl@gmail.com
GOVT. JEEP AUCTION SALE NOTICE
No.1757/Date:06.10.2022
No.M-47:Sealed tender in plain papers are invited for disposal of a condemned Govt. Vehicle (Jeep) bearing No-OR -05-S-2539. The intending tenders may inspect the vehicle at the office premises of the District Fisheries Office, Kunjakanta, Dhenkanal on working day between 11.00 AM to 2.00 PM .The tender papers should accompany in shape of bank draft towards earnest money deposit of Rs-1000/-(Rupees one Thousand) only in favour of District Fisheries Officer, Dhenkanal payable at SBI Main Branch, Dhenkanal. The earnest money so deposited will be refunded to the unsuccessful tenders. The last date for submission of tender is Dt-14.10.2022 (Thursday)up to 2.00PM.Sealed tender paper will be received by registered post/speed post and also can be received in sealed tender box placed in the office chamber of the District Fisheries Officer, Dhenkanal situated at Kunjakanta, Dhenkanal, Pin-759001 so as to reach before the schedule date and time .Tender papers received after due date and time shall not taken into consideration .The tender papers shall be opened in the office Chamber at 3.00 PM on date.14.10.2022 in the presence of the tenderers or their authorized representatives. The highest tendered whose tender shall be accepted shall have to deposit 25% of his/her offered amount at the spot on the day of opening of tender thereafter only the auction sale will be confirmed the balance amount will have to be deposited within 7 days from the date of confirmation there after he/she shall receive the vehicle from the premises of the District Fisheries Office, Dhenkanal within next 7 days from the date of deposit of the full amount. In case he/she fails to deposit the full amount within the stipulated time, 25% of auction amount so deposited shall be forfeited with earnest money. In other cases the earnest money will be refunded to unsuccessful tendered after completion of tender process. In case, the successful tender fails to take the vehicle from the premises of the District Fisheries Office, Dhenkanal within the stipulated period ground rent @1% of the tendered amount to be charged for each day or Part thereof. If the Ground rent so charged, exceeds the auction amount deposited the tender shall cease to have any right over the vehicle and the amount deposited by tender shall be adjusted towards ground rent. The authority reserves the right to reject any or all tenders without assigning any reason thereof.
Sd./- District Fisheries Officer, Dhenkanal
OIPR-06053/11/0001/2223
